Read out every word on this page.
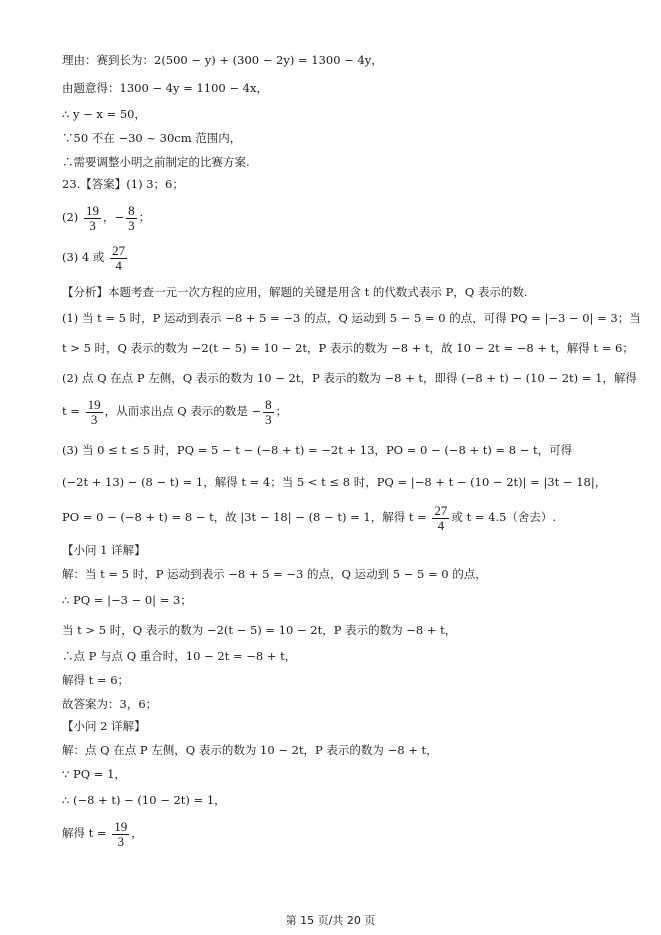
理由：赛到长为：2(500 − y) + (300 − 2y) = 1300 − 4y，
由题意得：1300 − 4y = 1100 − 4x，
∴ y − x = 50，
∵50 不在 −30 ~ 30cm 范围内，
∴需要调整小明之前制定的比赛方案.
23.【答案】(1) 3；6；
$(2) \frac{19}{3}$ ，− $\frac{8}{3}$ ；
(3) 4 或 $\frac{27}{4}$
【分析】本题考查一元一次方程的应用，解题的关键是用含 t 的代数式表示 P，Q 表示的数.
(1) 当 t = 5 时，P 运动到表示 −8 + 5 = −3 的点，Q 运动到 5 − 5 = 0 的点，可得 PQ = |−3 − 0| = 3；当
t > 5 时，Q 表示的数为 −2(t − 5) = 10 − 2t，P 表示的数为 −8 + t，故 10 − 2t = −8 + t，解得 t = 6；
(2) 点 Q 在点 P 左侧，Q 表示的数为 10 − 2t，P 表示的数为 −8 + t，即得 (−8 + t) − (10 − 2t) = 1，解得
$t = \frac{19}{3}$ ，从而求出点 Q 表示的数是 − $\frac{8}{3}$ ；
(3) 当 0 ≤ t ≤ 5 时，PQ = 5 − t − (−8 + t) = −2t + 13，PO = 0 − (−8 + t) = 8 − t，可得
(−2t + 13) − (8 − t) = 1，解得 t = 4；当 5 < t ≤ 8 时，PQ = |−8 + t − (10 − 2t)| = |3t − 18|，
PO = 0 − (−8 + t) = 8 − t，故 |3t − 18| − (8 − t) = 1，解得 $t = \frac{27}{4}$ 或 t = 4.5（舍去）.
【小问 1 详解】
解：当 t = 5 时，P 运动到表示 −8 + 5 = −3 的点，Q 运动到 5 − 5 = 0 的点，
∴ PQ = |−3 − 0| = 3；
当 t > 5 时，Q 表示的数为 −2(t − 5) = 10 − 2t，P 表示的数为 −8 + t，
∴点 P 与点 Q 重合时，10 − 2t = −8 + t，
解得 t = 6；
故答案为：3，6；
【小问 2 详解】
解：点 Q 在点 P 左侧，Q 表示的数为 10 − 2t，P 表示的数为 −8 + t，
∵ PQ = 1，
∴ (−8 + t) − (10 − 2t) = 1，
解得 $t = \frac{19}{3}$ ，
第 15 页/共 20 页
